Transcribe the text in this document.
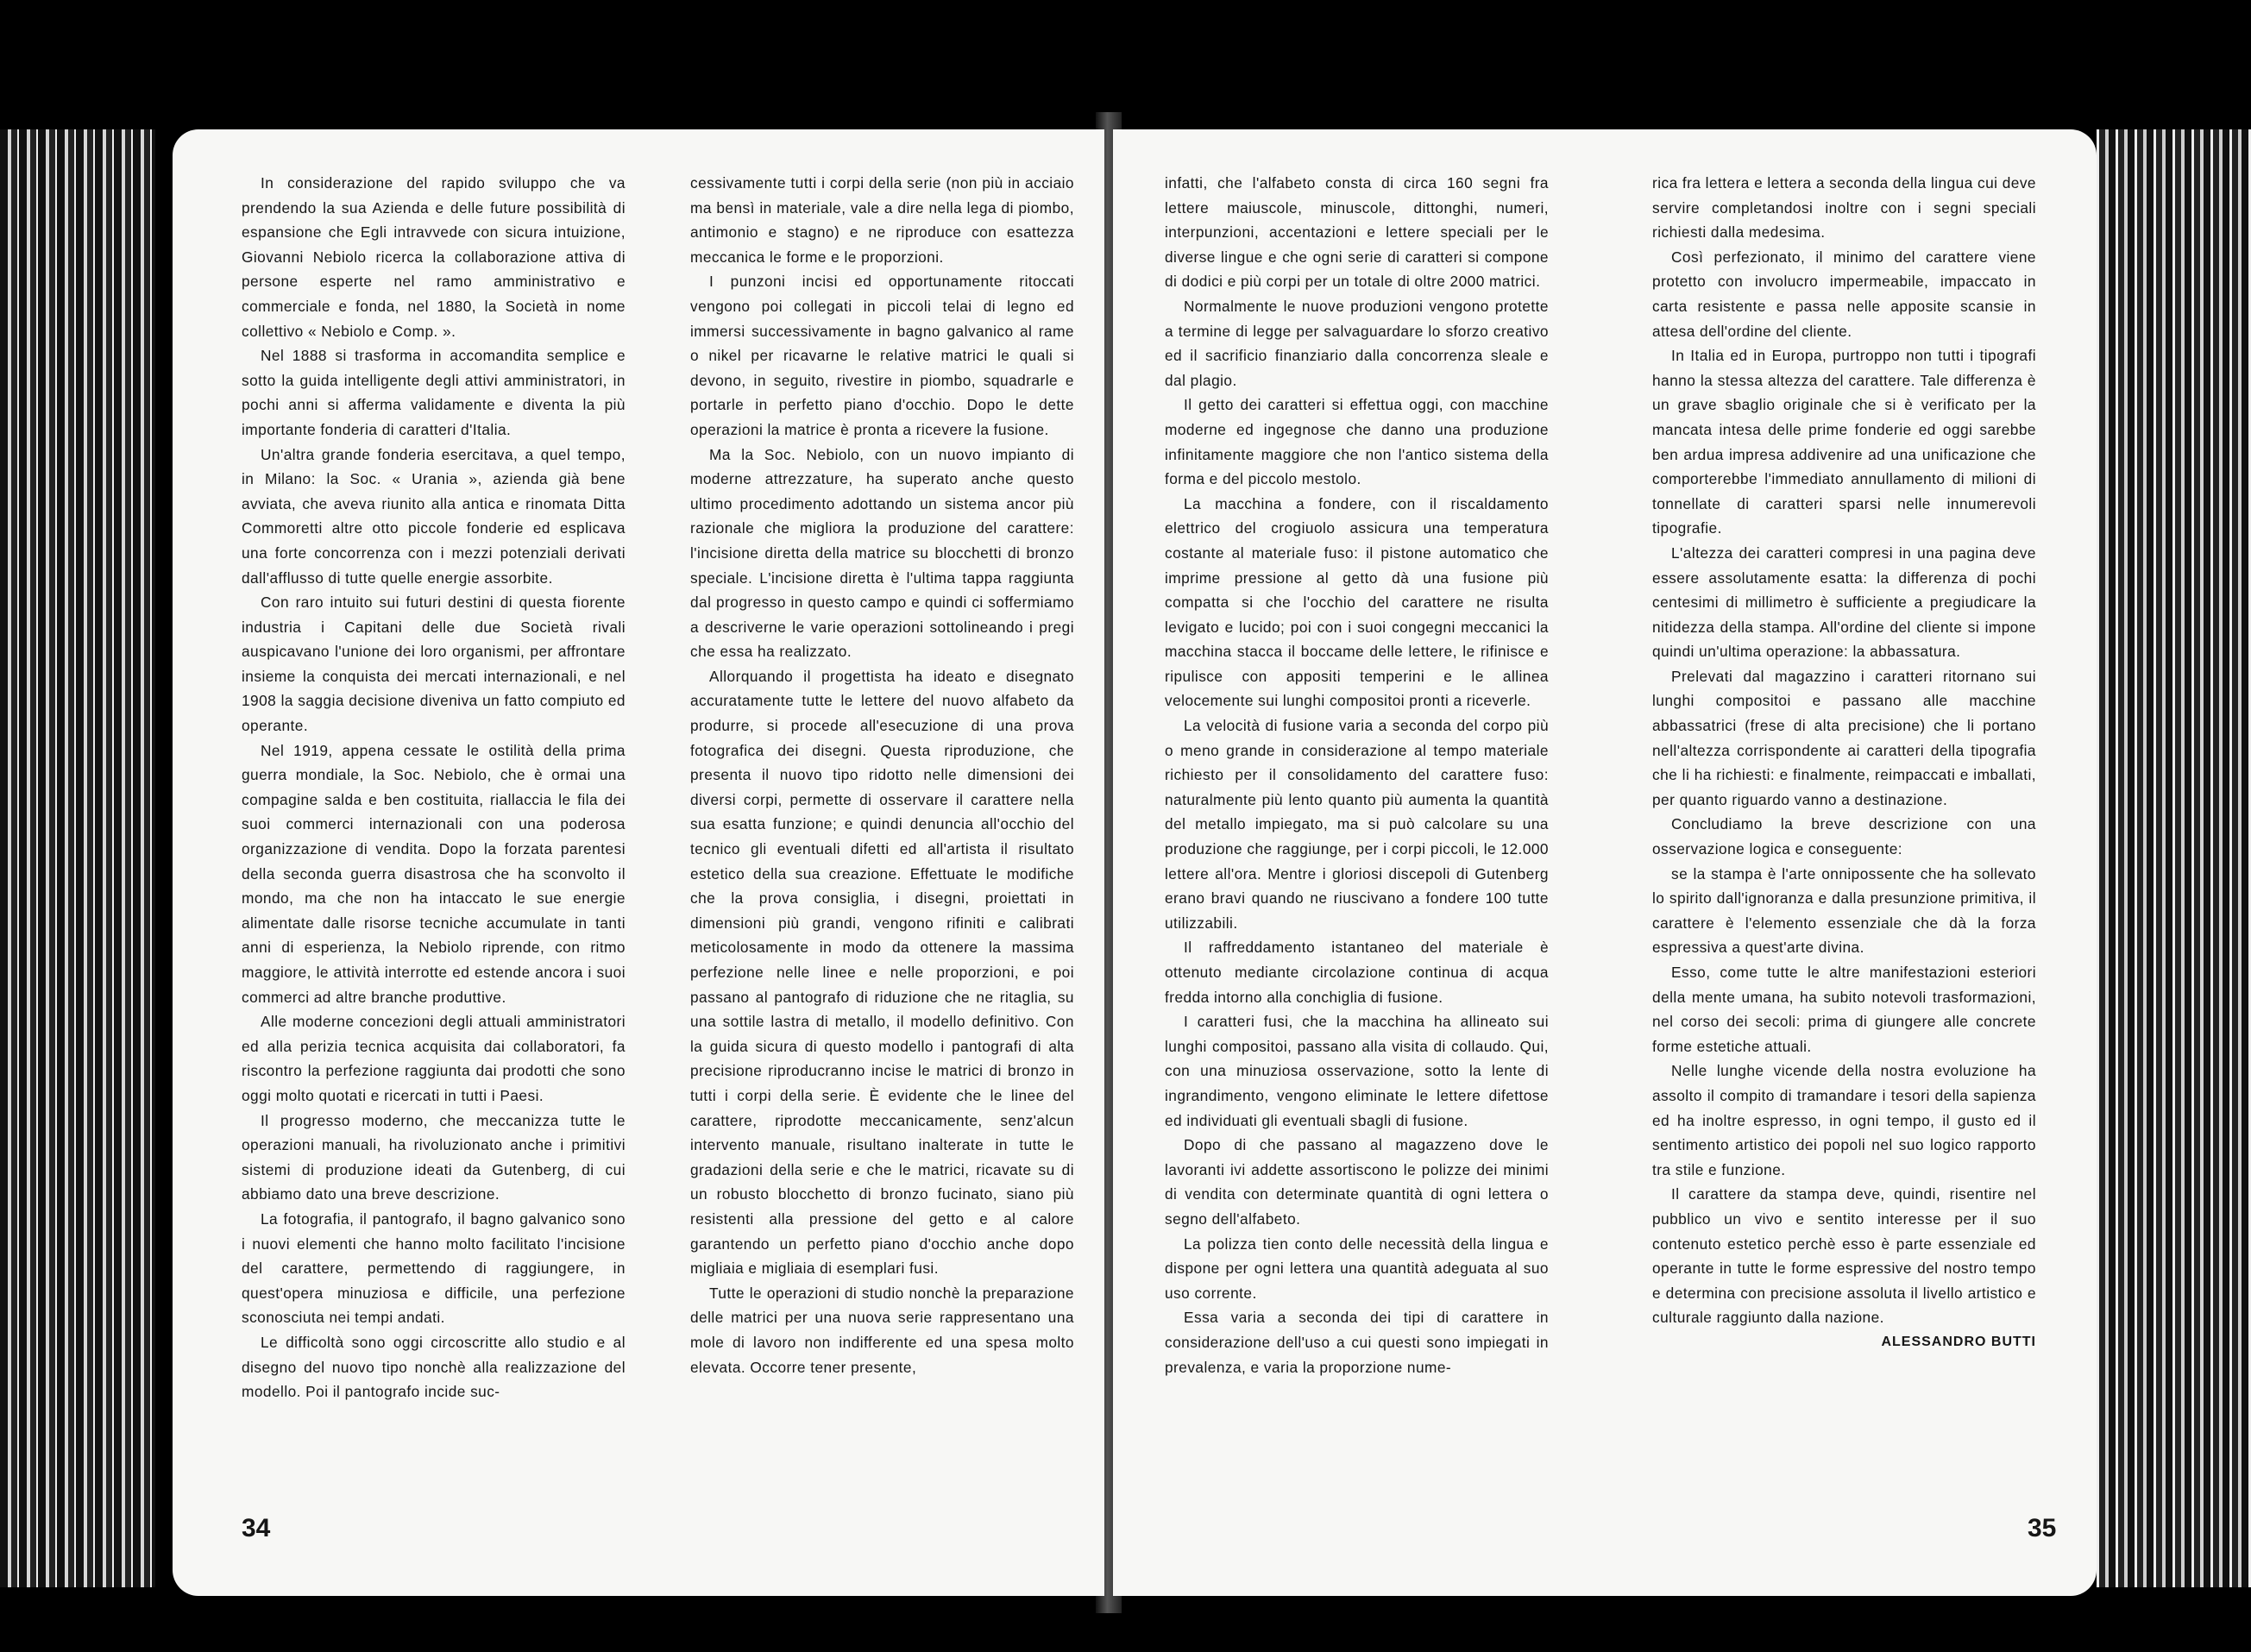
In considerazione del rapido sviluppo che va prendendo la sua Azienda e delle future possibilità di espansione che Egli intravvede con sicura intuizione, Giovanni Nebiolo ricerca la collaborazione attiva di persone esperte nel ramo amministrativo e commerciale e fonda, nel 1880, la Società in nome collettivo « Nebiolo e Comp. ».

Nel 1888 si trasforma in accomandita semplice e sotto la guida intelligente degli attivi amministratori, in pochi anni si afferma validamente e diventa la più importante fonderia di caratteri d'Italia.

Un'altra grande fonderia esercitava, a quel tempo, in Milano: la Soc. « Urania », azienda già bene avviata, che aveva riunito alla antica e rinomata Ditta Commoretti altre otto piccole fonderie ed esplicava una forte concorrenza con i mezzi potenziali derivati dall'afflusso di tutte quelle energie assorbite.

Con raro intuito sui futuri destini di questa fiorente industria i Capitani delle due Società rivali auspicavano l'unione dei loro organismi, per affrontare insieme la conquista dei mercati internazionali, e nel 1908 la saggia decisione diveniva un fatto compiuto ed operante.

Nel 1919, appena cessate le ostilità della prima guerra mondiale, la Soc. Nebiolo, che è ormai una compagine salda e ben costituita, riallaccia le fila dei suoi commerci internazionali con una poderosa organizzazione di vendita. Dopo la forzata parentesi della seconda guerra disastrosa che ha sconvolto il mondo, ma che non ha intaccato le sue energie alimentate dalle risorse tecniche accumulate in tanti anni di esperienza, la Nebiolo riprende, con ritmo maggiore, le attività interrotte ed estende ancora i suoi commerci ad altre branche produttive.

Alle moderne concezioni degli attuali amministratori ed alla perizia tecnica acquisita dai collaboratori, fa riscontro la perfezione raggiunta dai prodotti che sono oggi molto quotati e ricercati in tutti i Paesi.

Il progresso moderno, che meccanizza tutte le operazioni manuali, ha rivoluzionato anche i primitivi sistemi di produzione ideati da Gutenberg, di cui abbiamo dato una breve descrizione.

La fotografia, il pantografo, il bagno galvanico sono i nuovi elementi che hanno molto facilitato l'incisione del carattere, permettendo di raggiungere, in quest'opera minuziosa e difficile, una perfezione sconosciuta nei tempi andati.

Le difficoltà sono oggi circoscritte allo studio e al disegno del nuovo tipo nonchè alla realizzazione del modello. Poi il pantografo incide suc-

cessivamente tutti i corpi della serie (non più in acciaio ma bensì in materiale, vale a dire nella lega di piombo, antimonio e stagno) e ne riproduce con esattezza meccanica le forme e le proporzioni.

I punzoni incisi ed opportunamente ritoccati vengono poi collegati in piccoli telai di legno ed immersi successivamente in bagno galvanico al rame o nikel per ricavarne le relative matrici le quali si devono, in seguito, rivestire in piombo, squadrarle e portarle in perfetto piano d'occhio. Dopo le dette operazioni la matrice è pronta a ricevere la fusione.

Ma la Soc. Nebiolo, con un nuovo impianto di moderne attrezzature, ha superato anche questo ultimo procedimento adottando un sistema ancor più razionale che migliora la produzione del carattere: l'incisione diretta della matrice su blocchetti di bronzo speciale. L'incisione diretta è l'ultima tappa raggiunta dal progresso in questo campo e quindi ci soffermiamo a descriverne le varie operazioni sottolineando i pregi che essa ha realizzato.

Allorquando il progettista ha ideato e disegnato accuratamente tutte le lettere del nuovo alfabeto da produrre, si procede all'esecuzione di una prova fotografica dei disegni. Questa riproduzione, che presenta il nuovo tipo ridotto nelle dimensioni dei diversi corpi, permette di osservare il carattere nella sua esatta funzione; e quindi denuncia all'occhio del tecnico gli eventuali difetti ed all'artista il risultato estetico della sua creazione. Effettuate le modifiche che la prova consiglia, i disegni, proiettati in dimensioni più grandi, vengono rifiniti e calibrati meticolosamente in modo da ottenere la massima perfezione nelle linee e nelle proporzioni, e poi passano al pantografo di riduzione che ne ritaglia, su una sottile lastra di metallo, il modello definitivo. Con la guida sicura di questo modello i pantografi di alta precisione riproducranno incise le matrici di bronzo in tutti i corpi della serie. È evidente che le linee del carattere, riprodotte meccanicamente, senz'alcun intervento manuale, risultano inalterate in tutte le gradazioni della serie e che le matrici, ricavate su di un robusto blocchetto di bronzo fucinato, siano più resistenti alla pressione del getto e al calore garantendo un perfetto piano d'occhio anche dopo migliaia e migliaia di esemplari fusi.

Tutte le operazioni di studio nonchè la preparazione delle matrici per una nuova serie rappresentano una mole di lavoro non indifferente ed una spesa molto elevata. Occorre tener presente,

34

infatti, che l'alfabeto consta di circa 160 segni fra lettere maiuscole, minuscole, dittonghi, numeri, interpunzioni, accentazioni e lettere speciali per le diverse lingue e che ogni serie di caratteri si compone di dodici e più corpi per un totale di oltre 2000 matrici.

Normalmente le nuove produzioni vengono protette a termine di legge per salvaguardare lo sforzo creativo ed il sacrificio finanziario dalla concorrenza sleale e dal plagio.

Il getto dei caratteri si effettua oggi, con macchine moderne ed ingegnose che danno una produzione infinitamente maggiore che non l'antico sistema della forma e del piccolo mestolo.

La macchina a fondere, con il riscaldamento elettrico del crogiuolo assicura una temperatura costante al materiale fuso: il pistone automatico che imprime pressione al getto dà una fusione più compatta si che l'occhio del carattere ne risulta levigato e lucido; poi con i suoi congegni meccanici la macchina stacca il boccame delle lettere, le rifinisce e ripulisce con appositi temperini e le allinea velocemente sui lunghi compositoi pronti a riceverle.

La velocità di fusione varia a seconda del corpo più o meno grande in considerazione al tempo materiale richiesto per il consolidamento del carattere fuso: naturalmente più lento quanto più aumenta la quantità del metallo impiegato, ma si può calcolare su una produzione che raggiunge, per i corpi piccoli, le 12.000 lettere all'ora. Mentre i gloriosi discepoli di Gutenberg erano bravi quando ne riuscivano a fondere 100 tutte utilizzabili.

Il raffreddamento istantaneo del materiale è ottenuto mediante circolazione continua di acqua fredda intorno alla conchiglia di fusione.

I caratteri fusi, che la macchina ha allineato sui lunghi compositoi, passano alla visita di collaudo. Qui, con una minuziosa osservazione, sotto la lente di ingrandimento, vengono eliminate le lettere difettose ed individuati gli eventuali sbagli di fusione.

Dopo di che passano al magazzeno dove le lavoranti ivi addette assortiscono le polizze dei minimi di vendita con determinate quantità di ogni lettera o segno dell'alfabeto.

La polizza tien conto delle necessità della lingua e dispone per ogni lettera una quantità adeguata al suo uso corrente.

Essa varia a seconda dei tipi di carattere in considerazione dell'uso a cui questi sono impiegati in prevalenza, e varia la proporzione nume-

rica fra lettera e lettera a seconda della lingua cui deve servire completandosi inoltre con i segni speciali richiesti dalla medesima.

Così perfezionato, il minimo del carattere viene protetto con involucro impermeabile, impaccato in carta resistente e passa nelle apposite scansie in attesa dell'ordine del cliente.

In Italia ed in Europa, purtroppo non tutti i tipografi hanno la stessa altezza del carattere. Tale differenza è un grave sbaglio originale che si è verificato per la mancata intesa delle prime fonderie ed oggi sarebbe ben ardua impresa addivenire ad una unificazione che comporterebbe l'immediato annullamento di milioni di tonnellate di caratteri sparsi nelle innumerevoli tipografie.

L'altezza dei caratteri compresi in una pagina deve essere assolutamente esatta: la differenza di pochi centesimi di millimetro è sufficiente a pregiudicare la nitidezza della stampa. All'ordine del cliente si impone quindi un'ultima operazione: la abbassatura.

Prelevati dal magazzino i caratteri ritornano sui lunghi compositoi e passano alle macchine abbassatrici (frese di alta precisione) che li portano nell'altezza corrispondente ai caratteri della tipografia che li ha richiesti: e finalmente, reimpaccati e imballati, per quanto riguardo vanno a destinazione.

Concludiamo la breve descrizione con una osservazione logica e conseguente:

se la stampa è l'arte onnipossente che ha sollevato lo spirito dall'ignoranza e dalla presunzione primitiva, il carattere è l'elemento essenziale che dà la forza espressiva a quest'arte divina.

Esso, come tutte le altre manifestazioni esteriori della mente umana, ha subito notevoli trasformazioni, nel corso dei secoli: prima di giungere alle concrete forme estetiche attuali.

Nelle lunghe vicende della nostra evoluzione ha assolto il compito di tramandare i tesori della sapienza ed ha inoltre espresso, in ogni tempo, il gusto ed il sentimento artistico dei popoli nel suo logico rapporto tra stile e funzione.

Il carattere da stampa deve, quindi, risentire nel pubblico un vivo e sentito interesse per il suo contenuto estetico perchè esso è parte essenziale ed operante in tutte le forme espressive del nostro tempo e determina con precisione assoluta il livello artistico e culturale raggiunto dalla nazione.

ALESSANDRO BUTTI

35
